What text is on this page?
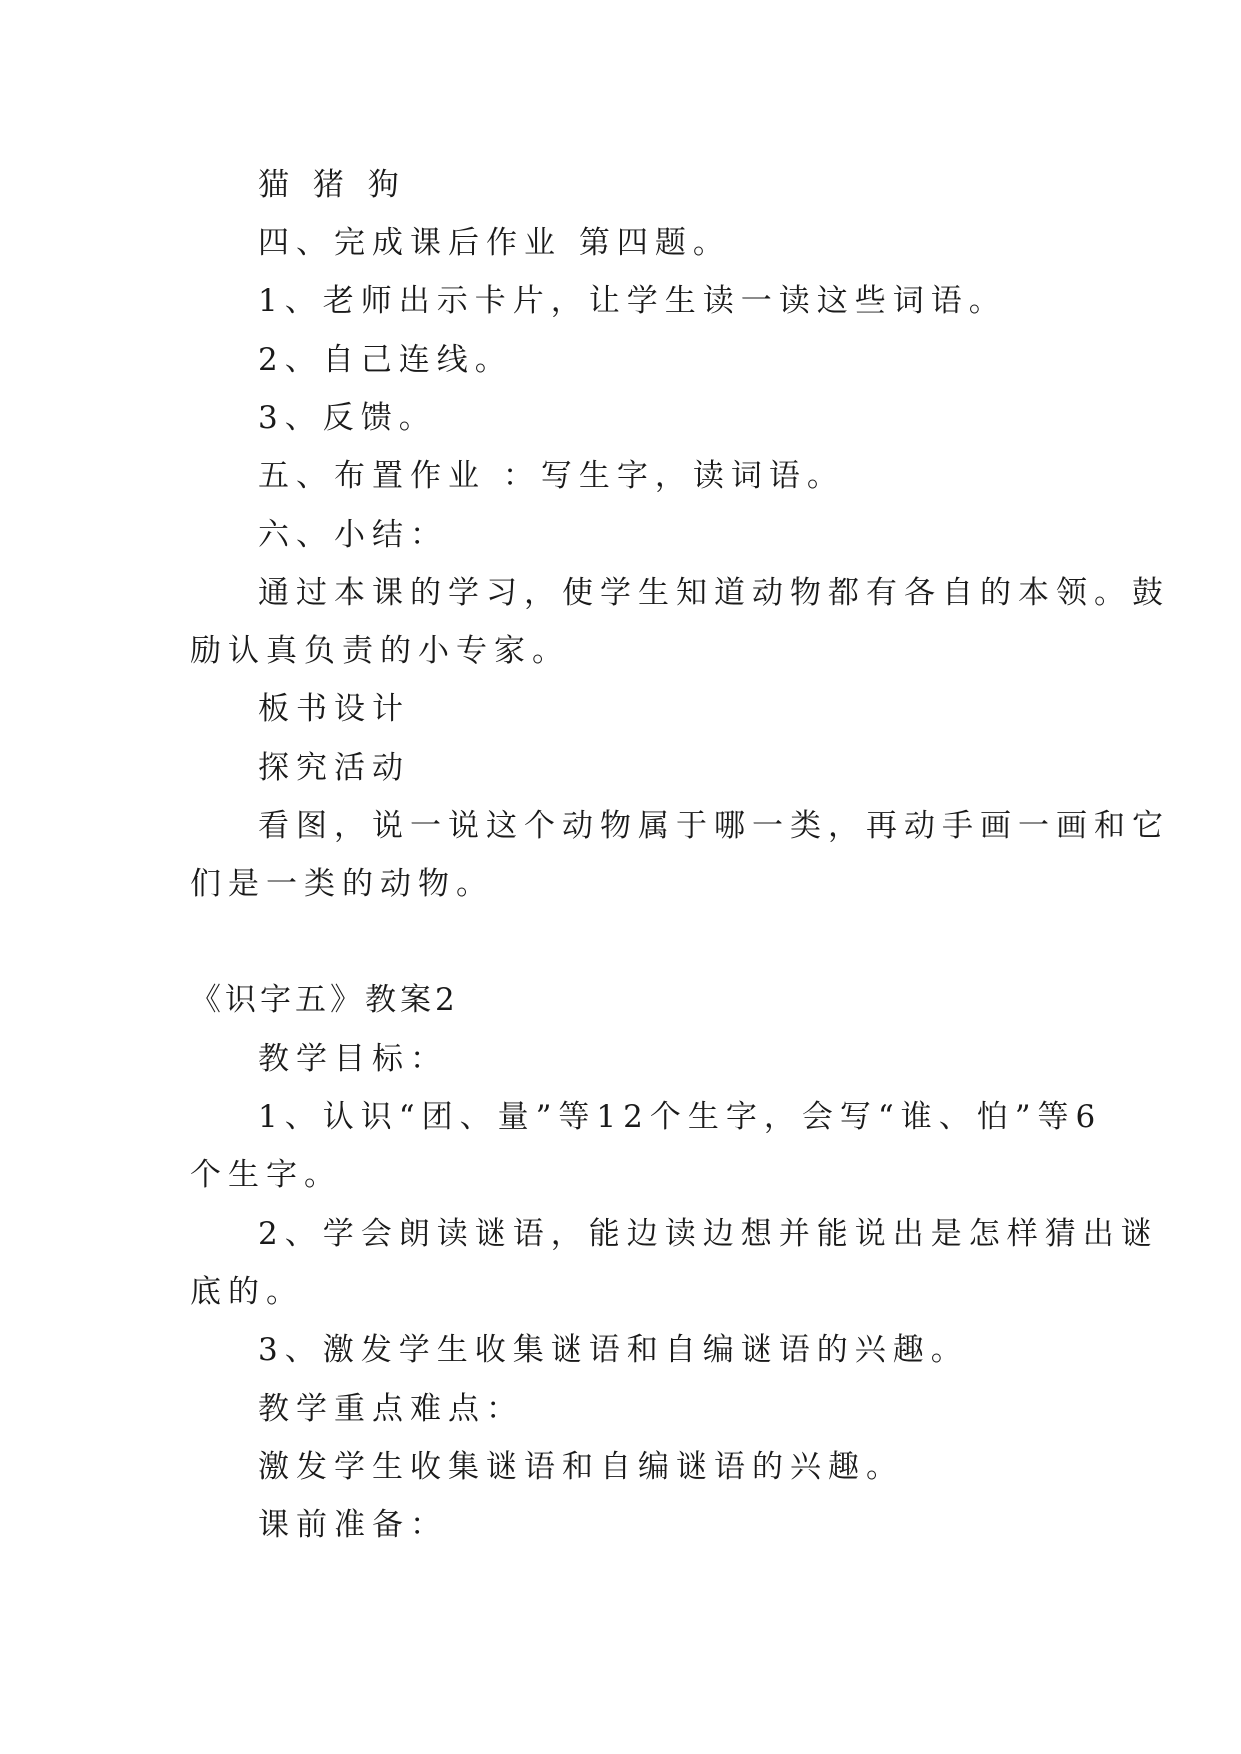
猫 猪 狗
四、完成课后作业 第四题。
1、老师出示卡片，让学生读一读这些词语。
2、自己连线。
3、反馈。
五、布置作业 ：写生字，读词语。
六、小结：
通过本课的学习，使学生知道动物都有各自的本领。鼓
励认真负责的小专家。
板书设计
探究活动
看图，说一说这个动物属于哪一类，再动手画一画和它
们是一类的动物。
《识字五》教案2
教学目标：
1、认识“团、量”等12个生字，会写“谁、怕”等6
个生字。
2、学会朗读谜语，能边读边想并能说出是怎样猜出谜
底的。
3、激发学生收集谜语和自编谜语的兴趣。
教学重点难点：
激发学生收集谜语和自编谜语的兴趣。
课前准备：
